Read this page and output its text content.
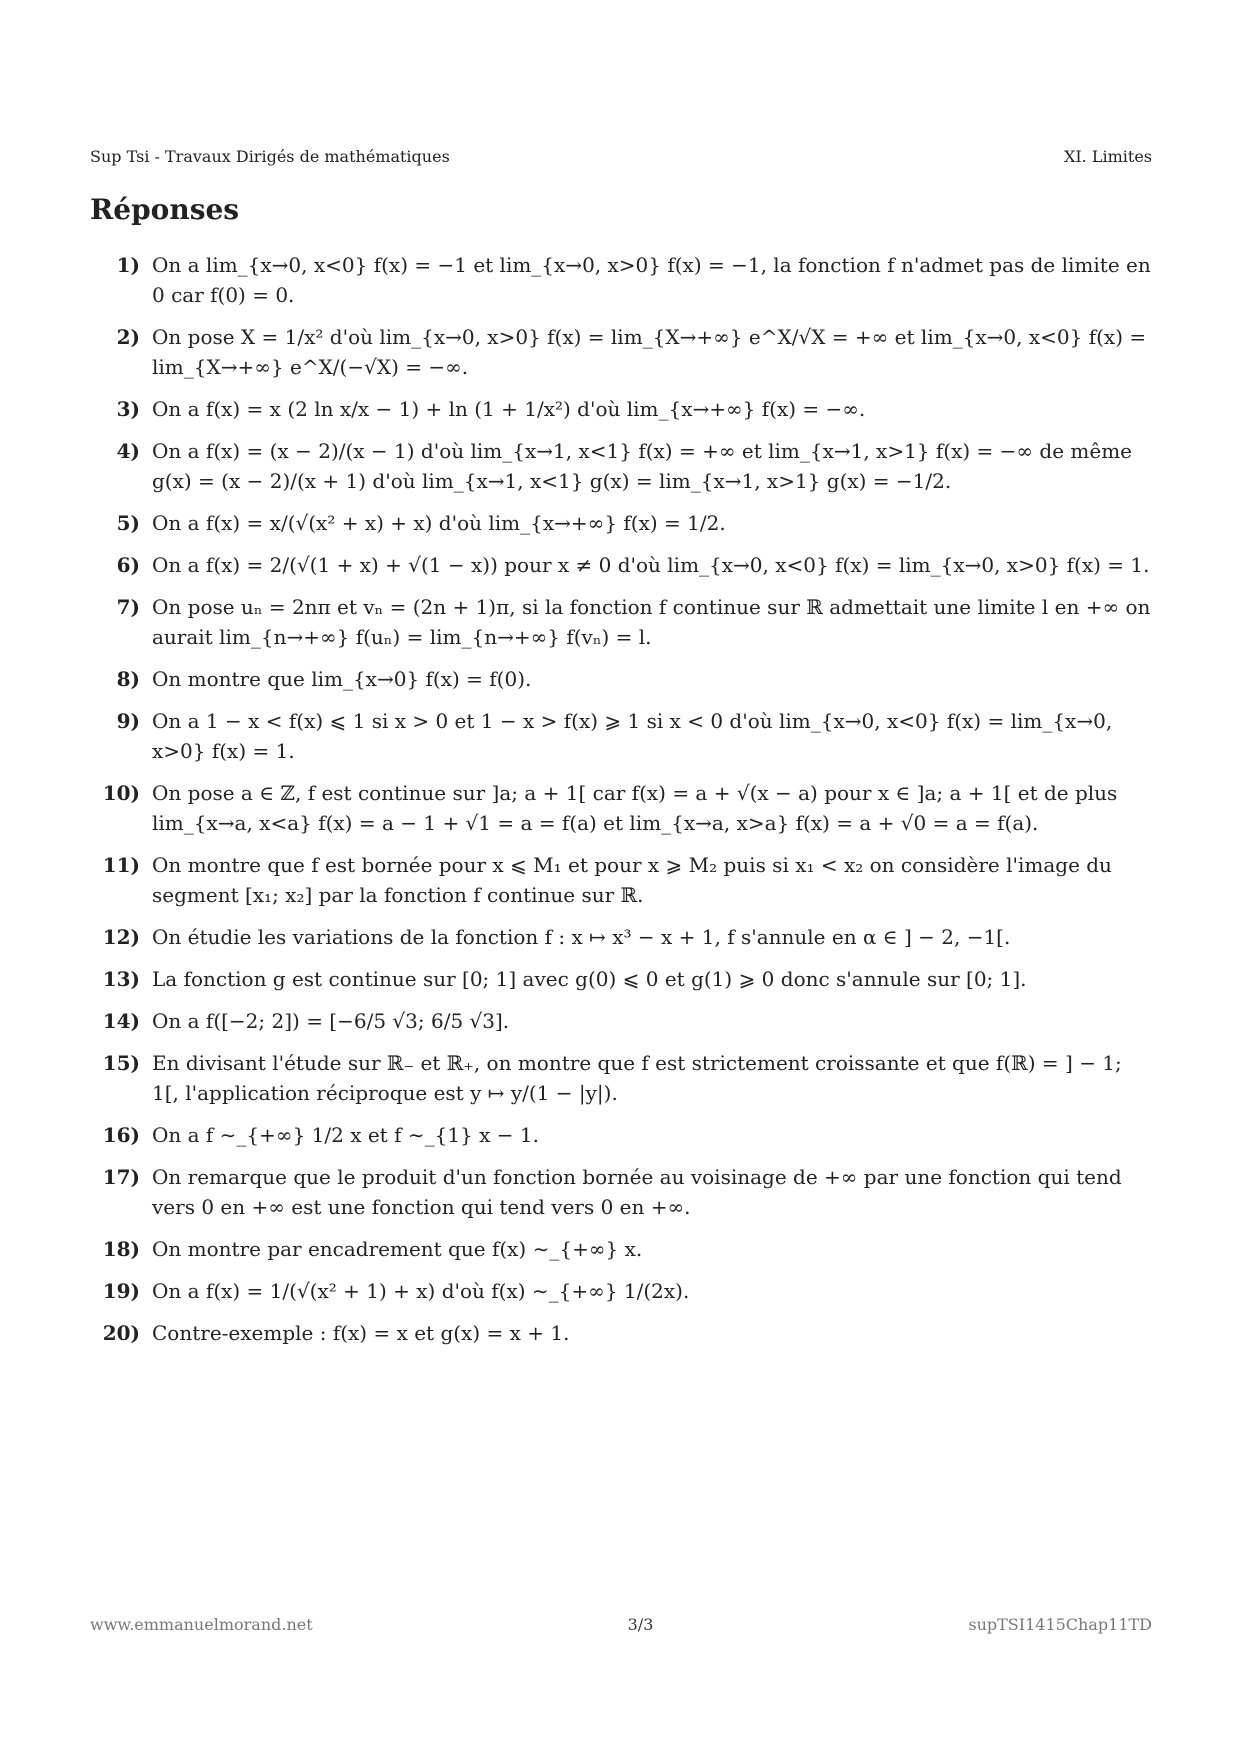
Sup Tsi - Travaux Dirigés de mathématiques	XI. Limites
Réponses
1) On a lim_{x→0, x<0} f(x) = −1 et lim_{x→0, x>0} f(x) = −1, la fonction f n'admet pas de limite en 0 car f(0) = 0.
2) On pose X = 1/x² d'où lim_{x→0, x>0} f(x) = lim_{X→+∞} e^X/√X = +∞ et lim_{x→0, x<0} f(x) = lim_{X→+∞} e^X/(−√X) = −∞.
3) On a f(x) = x (2 ln x/x − 1) + ln (1 + 1/x²) d'où lim_{x→+∞} f(x) = −∞.
4) On a f(x) = (x − 2)/(x − 1) d'où lim_{x→1, x<1} f(x) = +∞ et lim_{x→1, x>1} f(x) = −∞ de même g(x) = (x − 2)/(x + 1) d'où lim_{x→1, x<1} g(x) = lim_{x→1, x>1} g(x) = −1/2.
5) On a f(x) = x/(√(x² + x) + x) d'où lim_{x→+∞} f(x) = 1/2.
6) On a f(x) = 2/(√(1 + x) + √(1 − x)) pour x ≠ 0 d'où lim_{x→0, x<0} f(x) = lim_{x→0, x>0} f(x) = 1.
7) On pose uₙ = 2nπ et vₙ = (2n + 1)π, si la fonction f continue sur ℝ admettait une limite l en +∞ on aurait lim_{n→+∞} f(uₙ) = lim_{n→+∞} f(vₙ) = l.
8) On montre que lim_{x→0} f(x) = f(0).
9) On a 1 − x < f(x) ⩽ 1 si x > 0 et 1 − x > f(x) ⩾ 1 si x < 0 d'où lim_{x→0, x<0} f(x) = lim_{x→0, x>0} f(x) = 1.
10) On pose a ∈ ℤ, f est continue sur ]a; a + 1[ car f(x) = a + √(x − a) pour x ∈ ]a; a + 1[ et de plus lim_{x→a, x<a} f(x) = a − 1 + √1 = a = f(a) et lim_{x→a, x>a} f(x) = a + √0 = a = f(a).
11) On montre que f est bornée pour x ⩽ M₁ et pour x ⩾ M₂ puis si x₁ < x₂ on considère l'image du segment [x₁; x₂] par la fonction f continue sur ℝ.
12) On étudie les variations de la fonction f : x ↦ x³ − x + 1, f s'annule en α ∈ ] − 2, −1[.
13) La fonction g est continue sur [0; 1] avec g(0) ⩽ 0 et g(1) ⩾ 0 donc s'annule sur [0; 1].
14) On a f([−2; 2]) = [−6/5 √3; 6/5 √3].
15) En divisant l'étude sur ℝ₋ et ℝ₊, on montre que f est strictement croissante et que f(ℝ) = ] − 1; 1[, l'application réciproque est y ↦ y/(1 − |y|).
16) On a f ∼_{+∞} 1/2 x et f ∼_{1} x − 1.
17) On remarque que le produit d'un fonction bornée au voisinage de +∞ par une fonction qui tend vers 0 en +∞ est une fonction qui tend vers 0 en +∞.
18) On montre par encadrement que f(x) ∼_{+∞} x.
19) On a f(x) = 1/(√(x² + 1) + x) d'où f(x) ∼_{+∞} 1/(2x).
20) Contre-exemple : f(x) = x et g(x) = x + 1.
www.emmanuelmorand.net	3/3	supTSI1415Chap11TD
